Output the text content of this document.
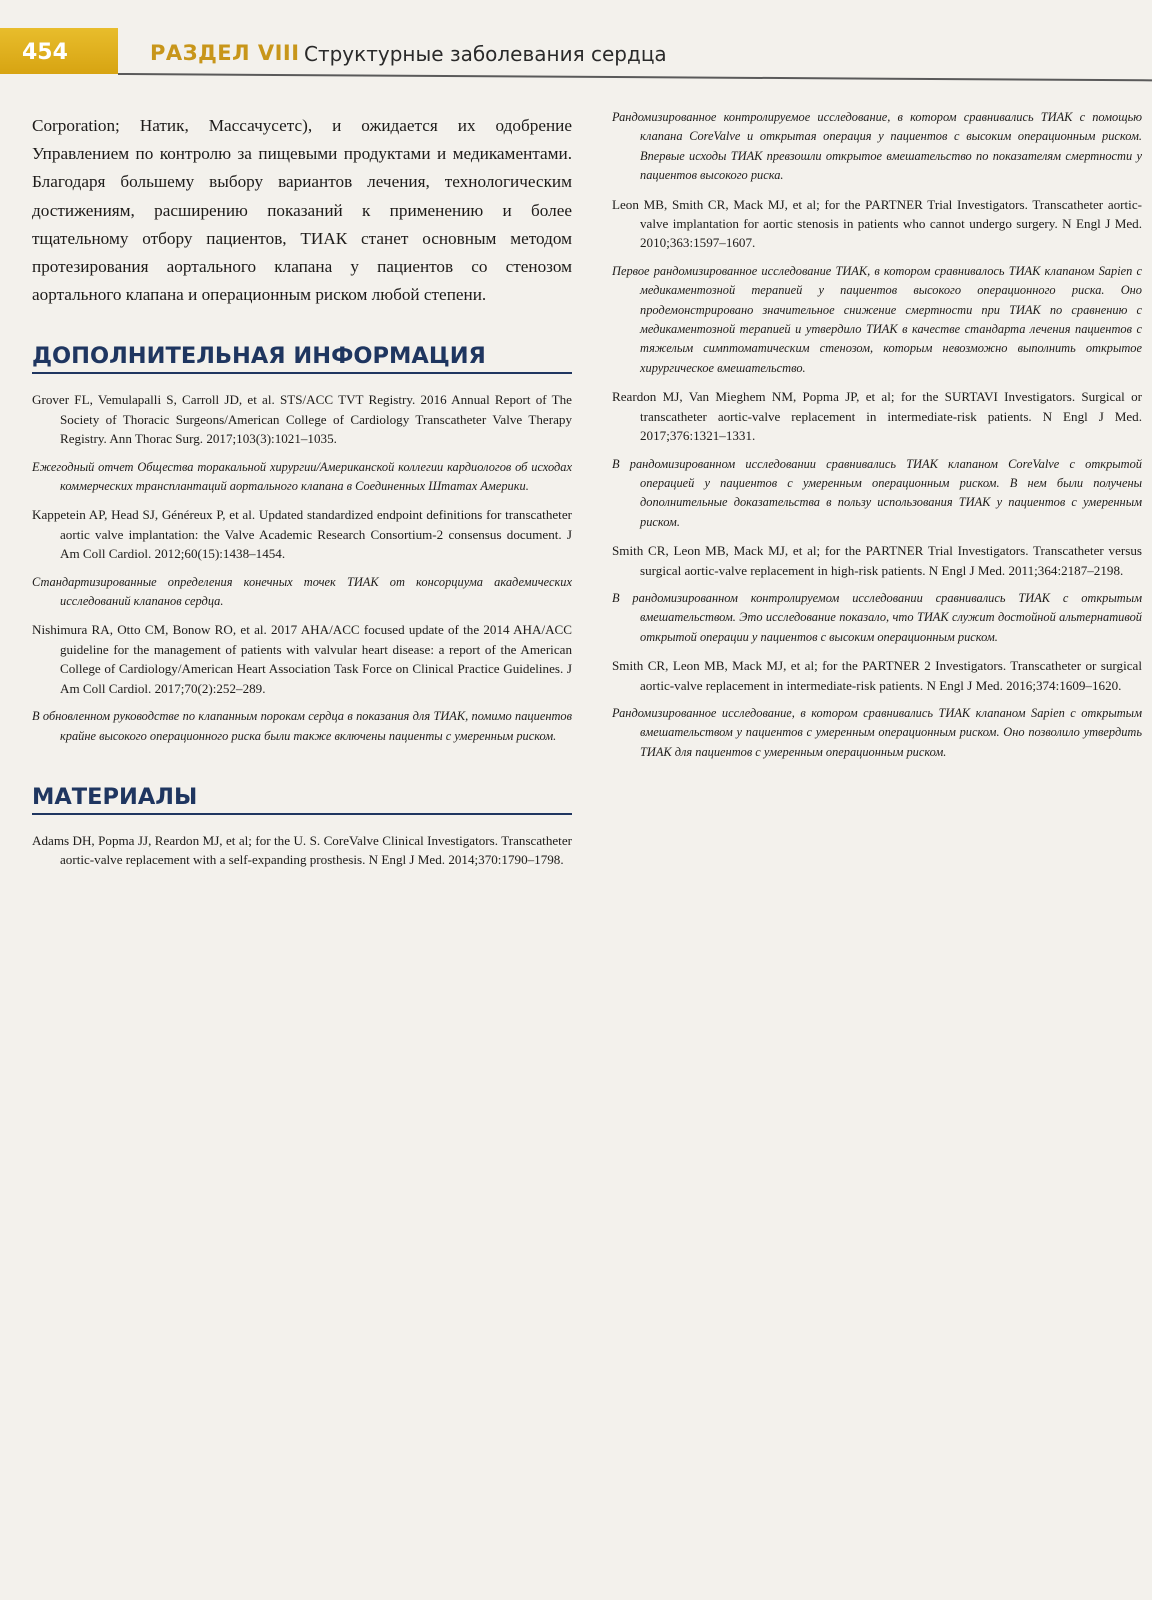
454	РАЗДЕЛ VIII Структурные заболевания сердца

Corporation; Натик, Массачусетс), и ожидается их одобрение Управлением по контролю за пищевыми продуктами и медикаментами. Благодаря большему выбору вариантов лечения, технологическим достижениям, расширению показаний к применению и более тщательному отбору пациентов, ТИАК станет основным методом протезирования аортального клапана у пациентов со стенозом аортального клапана и операционным риском любой степени.

ДОПОЛНИТЕЛЬНАЯ ИНФОРМАЦИЯ

Grover FL, Vemulapalli S, Carroll JD, et al. STS/ACC TVT Registry. 2016 Annual Report of The Society of Thoracic Surgeons/American College of Cardiology Transcatheter Valve Therapy Registry. Ann Thorac Surg. 2017;103(3):1021–1035.

Ежегодный отчет Общества торакальной хирургии/Американской коллегии кардиологов об исходах коммерческих трансплантаций аортального клапана в Соединенных Штатах Америки.

Kappetein AP, Head SJ, Généreux P, et al. Updated standardized endpoint definitions for transcatheter aortic valve implantation: the Valve Academic Research Consortium-2 consensus document. J Am Coll Cardiol. 2012;60(15):1438–1454.

Стандартизированные определения конечных точек ТИАК от консорциума академических исследований клапанов сердца.

Nishimura RA, Otto CM, Bonow RO, et al. 2017 AHA/ACC focused update of the 2014 AHA/ACC guideline for the management of patients with valvular heart disease: a report of the American College of Cardiology/American Heart Association Task Force on Clinical Practice Guidelines. J Am Coll Cardiol. 2017;70(2):252–289.

В обновленном руководстве по клапанным порокам сердца в показания для ТИАК, помимо пациентов крайне высокого операционного риска были также включены пациенты с умеренным риском.

МАТЕРИАЛЫ

Adams DH, Popma JJ, Reardon MJ, et al; for the U. S. CoreValve Clinical Investigators. Transcatheter aortic-valve replacement with a self-expanding prosthesis. N Engl J Med. 2014;370:1790–1798.

Рандомизированное контролируемое исследование, в котором сравнивались ТИАК с помощью клапана CoreValve и открытая операция у пациентов с высоким операционным риском. Впервые исходы ТИАК превзошли открытое вмешательство по показателям смертности у пациентов высокого риска.

Leon MB, Smith CR, Mack MJ, et al; for the PARTNER Trial Investigators. Transcatheter aortic-valve implantation for aortic stenosis in patients who cannot undergo surgery. N Engl J Med. 2010;363:1597–1607.

Первое рандомизированное исследование ТИАК, в котором сравнивалось ТИАК клапаном Sapien с медикаментозной терапией у пациентов высокого операционного риска. Оно продемонстрировано значительное снижение смертности при ТИАК по сравнению с медикаментозной терапией и утвердило ТИАК в качестве стандарта лечения пациентов с тяжелым симптоматическим стенозом, которым невозможно выполнить открытое хирургическое вмешательство.

Reardon MJ, Van Mieghem NM, Popma JP, et al; for the SURTAVI Investigators. Surgical or transcatheter aortic-valve replacement in intermediate-risk patients. N Engl J Med. 2017;376:1321–1331.

В рандомизированном исследовании сравнивались ТИАК клапаном CoreValve с открытой операцией у пациентов с умеренным операционным риском. В нем были получены дополнительные доказательства в пользу использования ТИАК у пациентов с умеренным риском.

Smith CR, Leon MB, Mack MJ, et al; for the PARTNER Trial Investigators. Transcatheter versus surgical aortic-valve replacement in high-risk patients. N Engl J Med. 2011;364:2187–2198.

В рандомизированном контролируемом исследовании сравнивались ТИАК с открытым вмешательством. Это исследование показало, что ТИАК служит достойной альтернативой открытой операции у пациентов с высоким операционным риском.

Smith CR, Leon MB, Mack MJ, et al; for the PARTNER 2 Investigators. Transcatheter or surgical aortic-valve replacement in intermediate-risk patients. N Engl J Med. 2016;374:1609–1620.

Рандомизированное исследование, в котором сравнивались ТИАК клапаном Sapien с открытым вмешательством у пациентов с умеренным операционным риском. Оно позволило утвердить ТИАК для пациентов с умеренным операционным риском.
